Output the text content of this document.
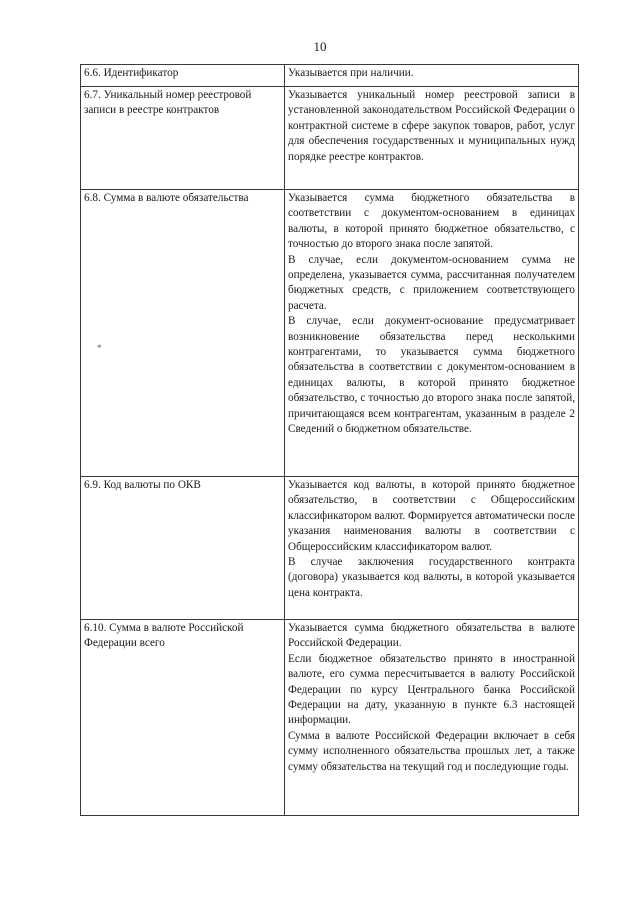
10
*
6.6. Идентификатор	Указывается при наличии.

6.7. Уникальный номер реестровой записи в реестре контрактов	Указывается уникальный номер реестровой записи в установленной законодательством Российской Федерации о контрактной системе в сфере закупок товаров, работ, услуг для обеспечения государственных и муниципальных нужд порядке реестре контрактов.

6.8. Сумма в валюте обязательства	Указывается сумма бюджетного обязательства в соответствии с документом-основанием в единицах валюты, в которой принято бюджетное обязательство, с точностью до второго знака после запятой.
В случае, если документом-основанием сумма не определена, указывается сумма, рассчитанная получателем бюджетных средств, с приложением соответствующего расчета.
В случае, если документ-основание предусматривает возникновение обязательства перед несколькими контрагентами, то указывается сумма бюджетного обязательства в соответствии с документом-основанием в единицах валюты, в которой принято бюджетное обязательство, с точностью до второго знака после запятой, причитающаяся всем контрагентам, указанным в разделе 2 Сведений о бюджетном обязательстве.

6.9. Код валюты по ОКВ	Указывается код валюты, в которой принято бюджетное обязательство, в соответствии с Общероссийским классификатором валют. Формируется автоматически после указания наименования валюты в соответствии с Общероссийским классификатором валют.
В случае заключения государственного контракта (договора) указывается код валюты, в которой указывается цена контракта.

6.10. Сумма в валюте Российской Федерации всего	Указывается сумма бюджетного обязательства в валюте Российской Федерации.
Если бюджетное обязательство принято в иностранной валюте, его сумма пересчитывается в валюту Российской Федерации по курсу Центрального банка Российской Федерации на дату, указанную в пункте 6.3 настоящей информации.
Сумма в валюте Российской Федерации включает в себя сумму исполненного обязательства прошлых лет, а также сумму обязательства на текущий год и последующие годы.
